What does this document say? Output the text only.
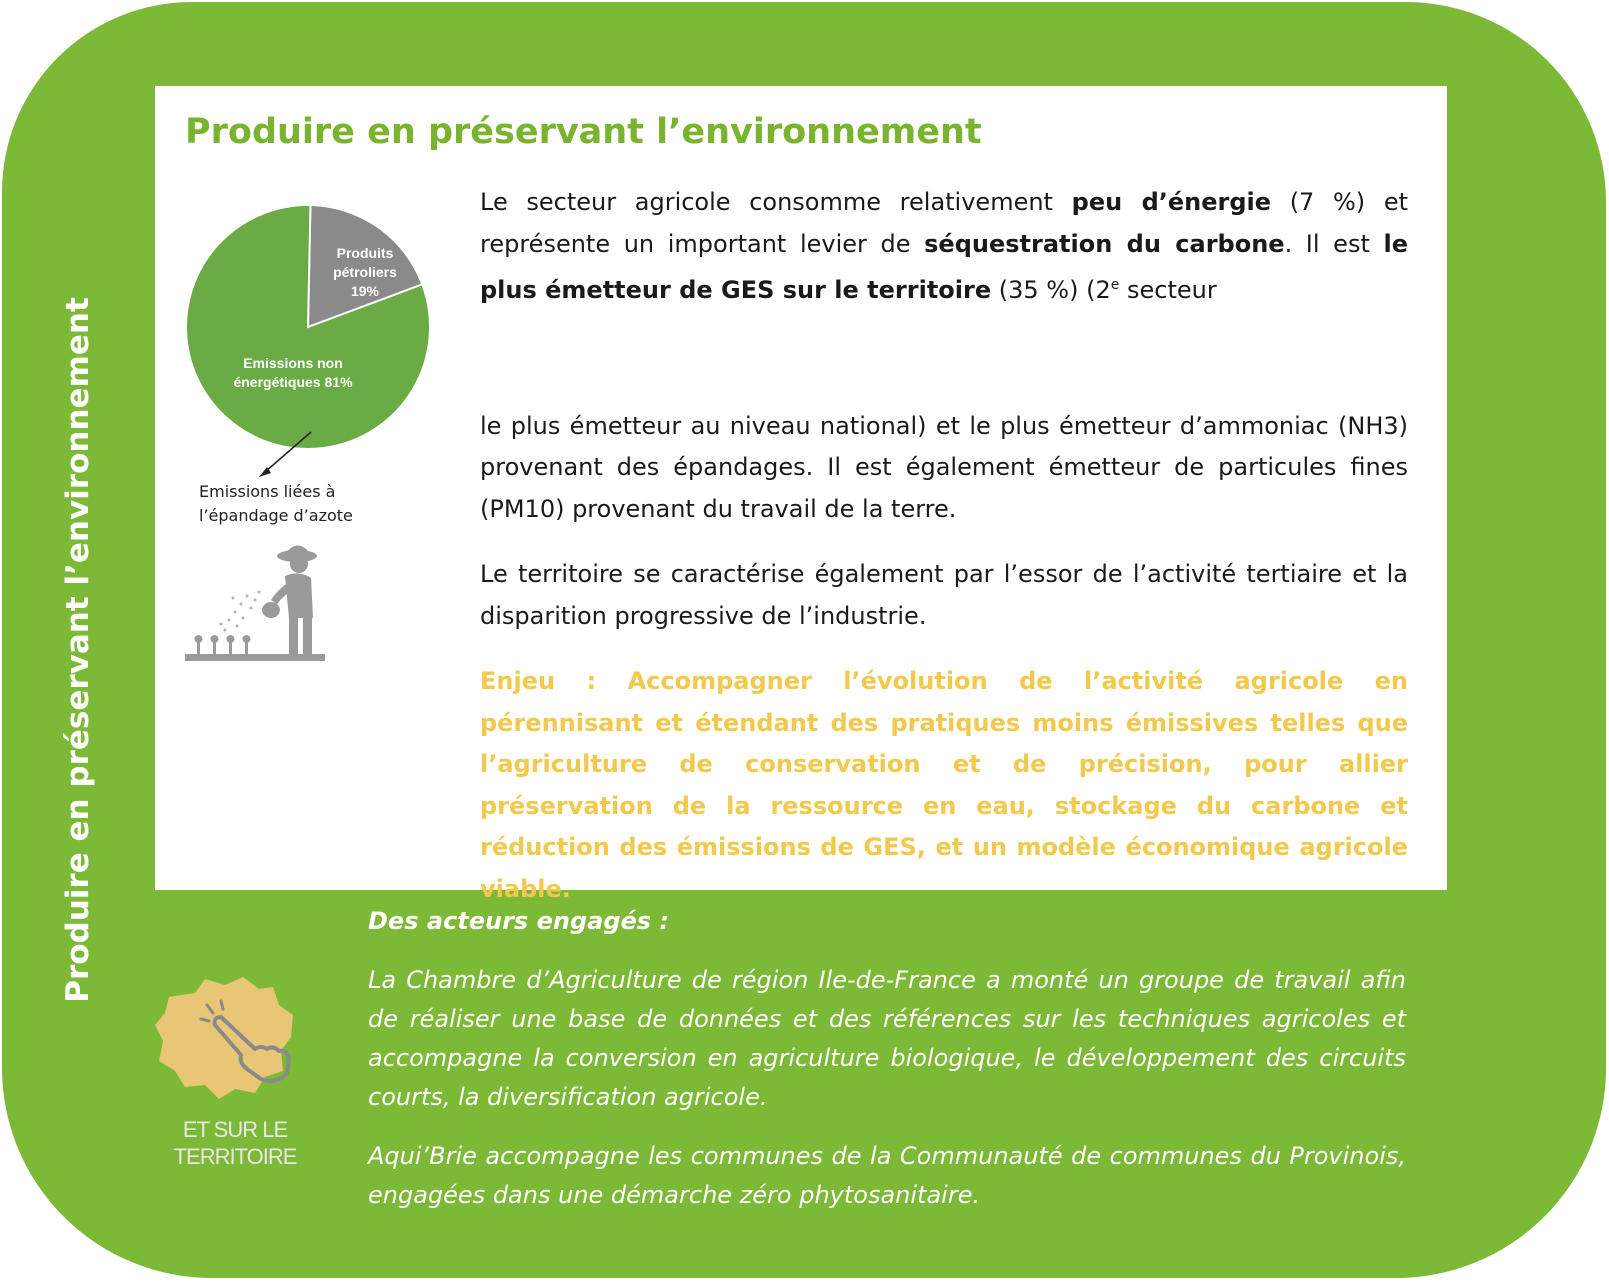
Produire en préservant l’environnement
Produire en préservant l’environnement
Produits
pétroliers
19%
Emissions non
énergétiques 81%
Emissions liées à
l’épandage d’azote

Le secteur agricole consomme relativement peu d’énergie (7 %) et représente un important levier de séquestration du carbone. Il est le plus émetteur de GES sur le territoire (35 %) (2e secteur

le plus émetteur au niveau national) et le plus émetteur d’ammoniac (NH3) provenant des épandages. Il est également émetteur de particules fines (PM10) provenant du travail de la terre.

Le territoire se caractérise également par l’essor de l’activité tertiaire et la disparition progressive de l’industrie.

Enjeu : Accompagner l’évolution de l’activité agricole en pérennisant et étendant des pratiques moins émissives telles que l’agriculture de conservation et de précision, pour allier préservation de la ressource en eau, stockage du carbone et réduction des émissions de GES, et un modèle économique agricole viable.

ET SUR LE
TERRITOIRE

Des acteurs engagés :

La Chambre d’Agriculture de région Ile-de-France a monté un groupe de travail afin de réaliser une base de données et des références sur les techniques agricoles et accompagne la conversion en agriculture biologique, le développement des circuits courts, la diversification agricole.

Aqui’Brie accompagne les communes de la Communauté de communes du Provinois, engagées dans une démarche zéro phytosanitaire.
